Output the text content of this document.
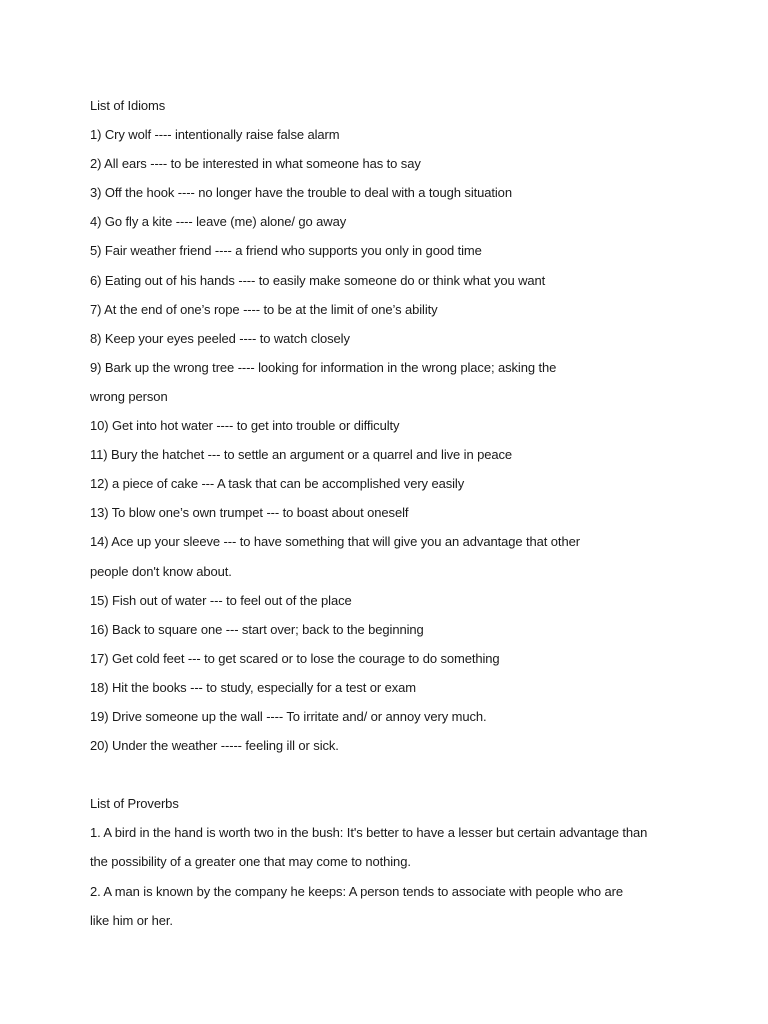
List of Idioms
1) Cry wolf ---- intentionally raise false alarm
2) All ears ---- to be interested in what someone has to say
3) Off the hook ---- no longer have the trouble to deal with a tough situation
4) Go fly a kite ---- leave (me) alone/ go away
5) Fair weather friend ---- a friend who supports you only in good time
6) Eating out of his hands ---- to easily make someone do or think what you want
7) At the end of one’s rope ---- to be at the limit of one’s ability
8) Keep your eyes peeled ---- to watch closely
9) Bark up the wrong tree ---- looking for information in the wrong place; asking the
wrong person
10) Get into hot water ---- to get into trouble or difficulty
11) Bury the hatchet --- to settle an argument or a quarrel and live in peace
12) a piece of cake --- A task that can be accomplished very easily
13) To blow one’s own trumpet --- to boast about oneself
14) Ace up your sleeve --- to have something that will give you an advantage that other
people don't know about.
15) Fish out of water --- to feel out of the place
16) Back to square one --- start over; back to the beginning
17) Get cold feet --- to get scared or to lose the courage to do something
18) Hit the books --- to study, especially for a test or exam
19) Drive someone up the wall ---- To irritate and/ or annoy very much.
20) Under the weather ----- feeling ill or sick.
List of Proverbs
1. A bird in the hand is worth two in the bush: It's better to have a lesser but certain advantage than
the possibility of a greater one that may come to nothing.
2. A man is known by the company he keeps: A person tends to associate with people who are
like him or her.
